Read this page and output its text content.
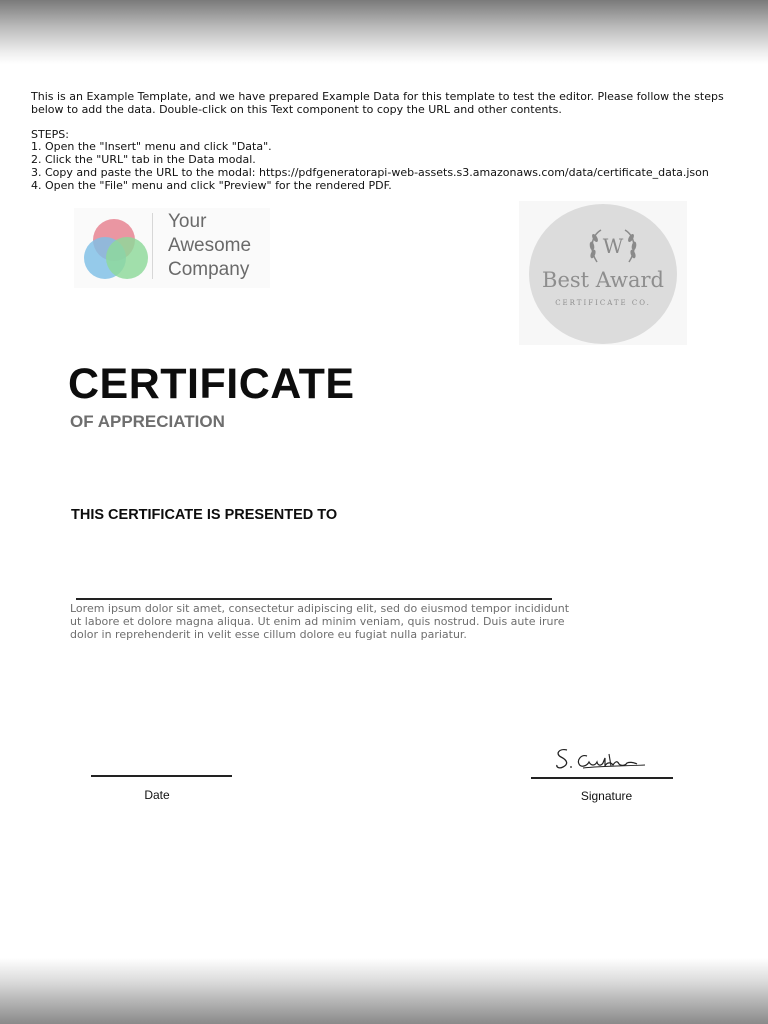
This is an Example Template, and we have prepared Example Data for this template to test the editor. Please follow the steps below to add the data. Double-click on this Text component to copy the URL and other contents.

STEPS:

1. Open the "Insert" menu and click "Data".

2. Click the "URL" tab in the Data modal.

3. Copy and paste the URL to the modal: https://pdfgeneratorapi-web-assets.s3.amazonaws.com/data/certificate_data.json

4. Open the "File" menu and click "Preview" for the rendered PDF.

Your
Awesome
Company
W
Best Award
CERTIFICATE CO.
CERTIFICATE
OF APPRECIATION
THIS CERTIFICATE IS PRESENTED TO
Lorem ipsum dolor sit amet, consectetur adipiscing elit, sed do eiusmod tempor incididunt ut labore et dolore magna aliqua. Ut enim ad minim veniam, quis nostrud. Duis aute irure dolor in reprehenderit in velit esse cillum dolore eu fugiat nulla pariatur.
Date	Signature
